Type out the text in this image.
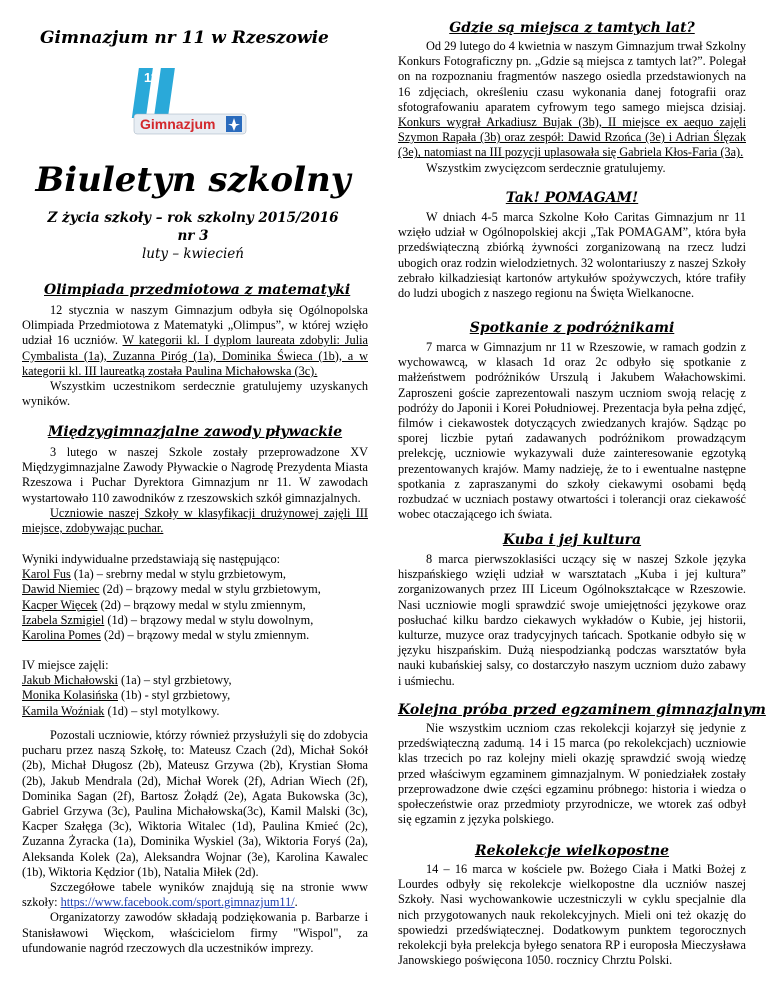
Gimnazjum nr 11 w Rzeszowie
11
Gimnazjum
Biuletyn szkolny
Z życia szkoły – rok szkolny 2015/2016
nr 3
luty – kwiecień
Olimpiada przedmiotowa z matematyki

12 stycznia w naszym Gimnazjum odbyła się Ogólnopolska Olimpiada Przedmiotowa z Matematyki „Olimpus”, w której wzięło udział 16 uczniów. W kategorii kl. I dyplom laureata zdobyli: Julia Cymbalista (1a), Zuzanna Piróg (1a), Dominika Świeca (1b), a w kategorii kl. III laureatką została Paulina Michałowska (3c).

Wszystkim uczestnikom serdecznie gratulujemy uzyskanych wyników.

Międzygimnazjalne zawody pływackie

3 lutego w naszej Szkole zostały przeprowadzone XV Międzygimnazjalne Zawody Pływackie o Nagrodę Prezydenta Miasta Rzeszowa i Puchar Dyrektora Gimnazjum nr 11. W zawodach wystartowało 110 zawodników z rzeszowskich szkół gimnazjalnych.

Uczniowie naszej Szkoły w klasyfikacji drużynowej zajęli III miejsce, zdobywając puchar.

Wyniki indywidualne przedstawiają się następująco:
Karol Fus (1a) – srebrny medal w stylu grzbietowym,
Dawid Niemiec (2d) – brązowy medal w stylu grzbietowym,
Kacper Więcek (2d) – brązowy medal w stylu zmiennym,
Izabela Szmigiel (1d) – brązowy medal w stylu dowolnym,
Karolina Pomes (2d) – brązowy medal w stylu zmiennym.
IV miejsce zajęli:
Jakub Michałowski (1a) – styl grzbietowy,
Monika Kolasińska (1b) - styl grzbietowy,
Kamila Woźniak (1d) – styl motylkowy.

Pozostali uczniowie, którzy również przysłużyli się do zdobycia pucharu przez naszą Szkołę, to: Mateusz Czach (2d), Michał Sokół (2b), Michał Długosz (2b), Mateusz Grzywa (2b), Krystian Słoma (2b), Jakub Mendrala (2d), Michał Worek (2f), Adrian Wiech (2f), Dominika Sagan (2f), Bartosz Żołądź (2e), Agata Bukowska (3c), Gabriel Grzywa (3c), Paulina Michałowska(3c), Kamil Malski (3c), Kacper Szałęga (3c), Wiktoria Witalec (1d), Paulina Kmieć (2c), Zuzanna Żyracka (1a), Dominika Wyskiel (3a), Wiktoria Foryś (2a), Aleksanda Kolek (2a), Aleksandra Wojnar (3e), Karolina Kawalec (1b), Wiktoria Kędzior (1b), Natalia Miłek (2d).

Szczegółowe tabele wyników znajdują się na stronie www szkoły: https://www.facebook.com/sport.gimnazjum11/.

Organizatorzy zawodów składają podziękowania p. Barbarze i Stanisławowi Więckom, właścicielom firmy "Wispol", za ufundowanie nagród rzeczowych dla uczestników imprezy.

Gdzie są miejsca z tamtych lat?

Od 29 lutego do 4 kwietnia w naszym Gimnazjum trwał Szkolny Konkurs Fotograficzny pn. „Gdzie są miejsca z tamtych lat?”. Polegał on na rozpoznaniu fragmentów naszego osiedla przedstawionych na 16 zdjęciach, określeniu czasu wykonania danej fotografii oraz sfotografowaniu aparatem cyfrowym tego samego miejsca dzisiaj. Konkurs wygrał Arkadiusz Bujak (3b), II miejsce ex aequo zajęli Szymon Rapała (3b) oraz zespół: Dawid Rzońca (3e) i Adrian Ślęzak (3e), natomiast na III pozycji uplasowała się Gabriela Kłos-Faria (3a).

Wszystkim zwycięzcom serdecznie gratulujemy.

Tak! POMAGAM!

W dniach 4-5 marca Szkolne Koło Caritas Gimnazjum nr 11 wzięło udział w Ogólnopolskiej akcji „Tak POMAGAM”, która była przedświąteczną zbiórką żywności zorganizowaną na rzecz ludzi ubogich oraz rodzin wielodzietnych. 32 wolontariuszy z naszej Szkoły zebrało kilkadziesiąt kartonów artykułów spożywczych, które trafiły do ludzi ubogich z naszego regionu na Święta Wielkanocne.

Spotkanie z podróżnikami

7 marca w Gimnazjum nr 11 w Rzeszowie, w ramach godzin z wychowawcą, w klasach 1d oraz 2c odbyło się spotkanie z małżeństwem podróżników Urszulą i Jakubem Wałachowskimi. Zaproszeni goście zaprezentowali naszym uczniom swoją relację z podróży do Japonii i Korei Południowej. Prezentacja była pełna zdjęć, filmów i ciekawostek dotyczących zwiedzanych krajów. Sądząc po sporej liczbie pytań zadawanych podróżnikom prowadzącym prelekcję, uczniowie wykazywali duże zainteresowanie egzotyką prezentowanych krajów. Mamy nadzieję, że to i ewentualne następne spotkania z zapraszanymi do szkoły ciekawymi osobami będą rozbudzać w uczniach postawy otwartości i tolerancji oraz ciekawość wobec otaczającego ich świata.

Kuba i jej kultura

8 marca pierwszoklasiści uczący się w naszej Szkole języka hiszpańskiego wzięli udział w warsztatach „Kuba i jej kultura” zorganizowanych przez III Liceum Ogólnokształcące w Rzeszowie. Nasi uczniowie mogli sprawdzić swoje umiejętności językowe oraz posłuchać kilku bardzo ciekawych wykładów o Kubie, jej historii, kulturze, muzyce oraz tradycyjnych tańcach. Spotkanie odbyło się w języku hiszpańskim. Dużą niespodzianką podczas warsztatów była nauki kubańskiej salsy, co dostarczyło naszym uczniom dużo zabawy i uśmiechu.

Kolejna próba przed egzaminem gimnazjalnym

Nie wszystkim uczniom czas rekolekcji kojarzył się jedynie z przedświąteczną zadumą. 14 i 15 marca (po rekolekcjach) uczniowie klas trzecich po raz kolejny mieli okazję sprawdzić swoją wiedzę przed właściwym egzaminem gimnazjalnym. W poniedziałek zostały przeprowadzone dwie części egzaminu próbnego: historia i wiedza o społeczeństwie oraz przedmioty przyrodnicze, we wtorek zaś odbył się egzamin z języka polskiego.

Rekolekcje wielkopostne

14 – 16 marca w kościele pw. Bożego Ciała i Matki Bożej z Lourdes odbyły się rekolekcje wielkopostne dla uczniów naszej Szkoły. Nasi wychowankowie uczestniczyli w cyklu specjalnie dla nich przygotowanych nauk rekolekcyjnych. Mieli oni też okazję do spowiedzi przedświątecznej. Dodatkowym punktem tegorocznych rekolekcji była prelekcja byłego senatora RP i europosła Mieczysława Janowskiego poświęcona 1050. rocznicy Chrztu Polski.
